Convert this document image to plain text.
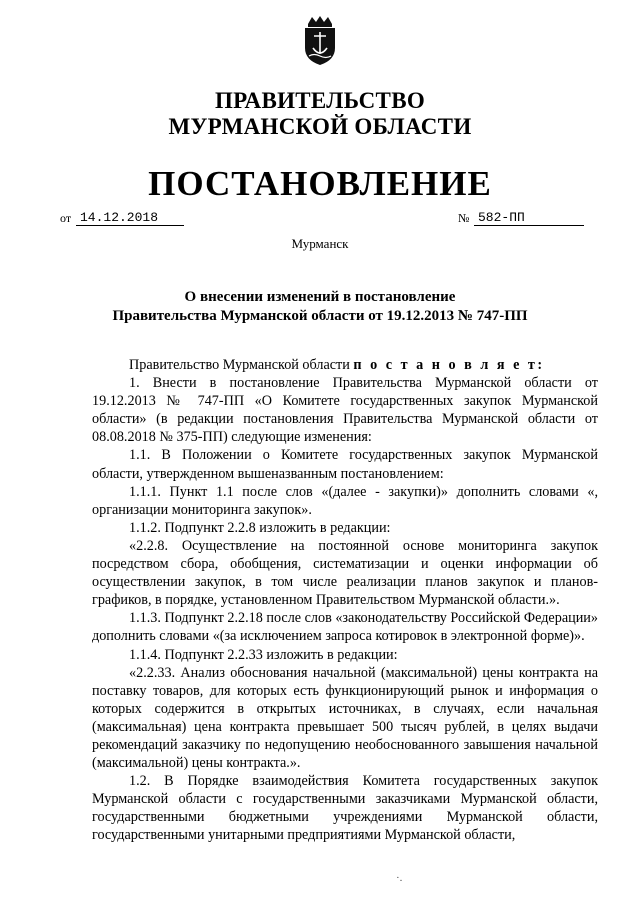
ПРАВИТЕЛЬСТВО
МУРМАНСКОЙ ОБЛАСТИ
ПОСТАНОВЛЕНИЕ
от 14.12.2018	№ 582-ПП
Мурманск
О внесении изменений в постановление
Правительства Мурманской области от 19.12.2013 № 747-ПП

Правительство Мурманской области п о с т а н о в л я е т:

1. Внести в постановление Правительства Мурманской области от 19.12.2013 № 747-ПП «О Комитете государственных закупок Мурманской области» (в редакции постановления Правительства Мурманской области от 08.08.2018 № 375-ПП) следующие изменения:

1.1. В Положении о Комитете государственных закупок Мурманской области, утвержденном вышеназванным постановлением:

1.1.1. Пункт 1.1 после слов «(далее - закупки)» дополнить словами «, организации мониторинга закупок».

1.1.2. Подпункт 2.2.8 изложить в редакции:

«2.2.8. Осуществление на постоянной основе мониторинга закупок посредством сбора, обобщения, систематизации и оценки информации об осуществлении закупок, в том числе реализации планов закупок и планов-графиков, в порядке, установленном Правительством Мурманской области.».

1.1.3. Подпункт 2.2.18 после слов «законодательству Российской Федерации» дополнить словами «(за исключением запроса котировок в электронной форме)».

1.1.4. Подпункт 2.2.33 изложить в редакции:

«2.2.33. Анализ обоснования начальной (максимальной) цены контракта на поставку товаров, для которых есть функционирующий рынок и информация о которых содержится в открытых источниках, в случаях, если начальная (максимальная) цена контракта превышает 500 тысяч рублей, в целях выдачи рекомендаций заказчику по недопущению необоснованного завышения начальной (максимальной) цены контракта.».

1.2. В Порядке взаимодействия Комитета государственных закупок Мурманской области с государственными заказчиками Мурманской области, государственными бюджетными учреждениями Мурманской области, государственными унитарными предприятиями Мурманской области,

·.
